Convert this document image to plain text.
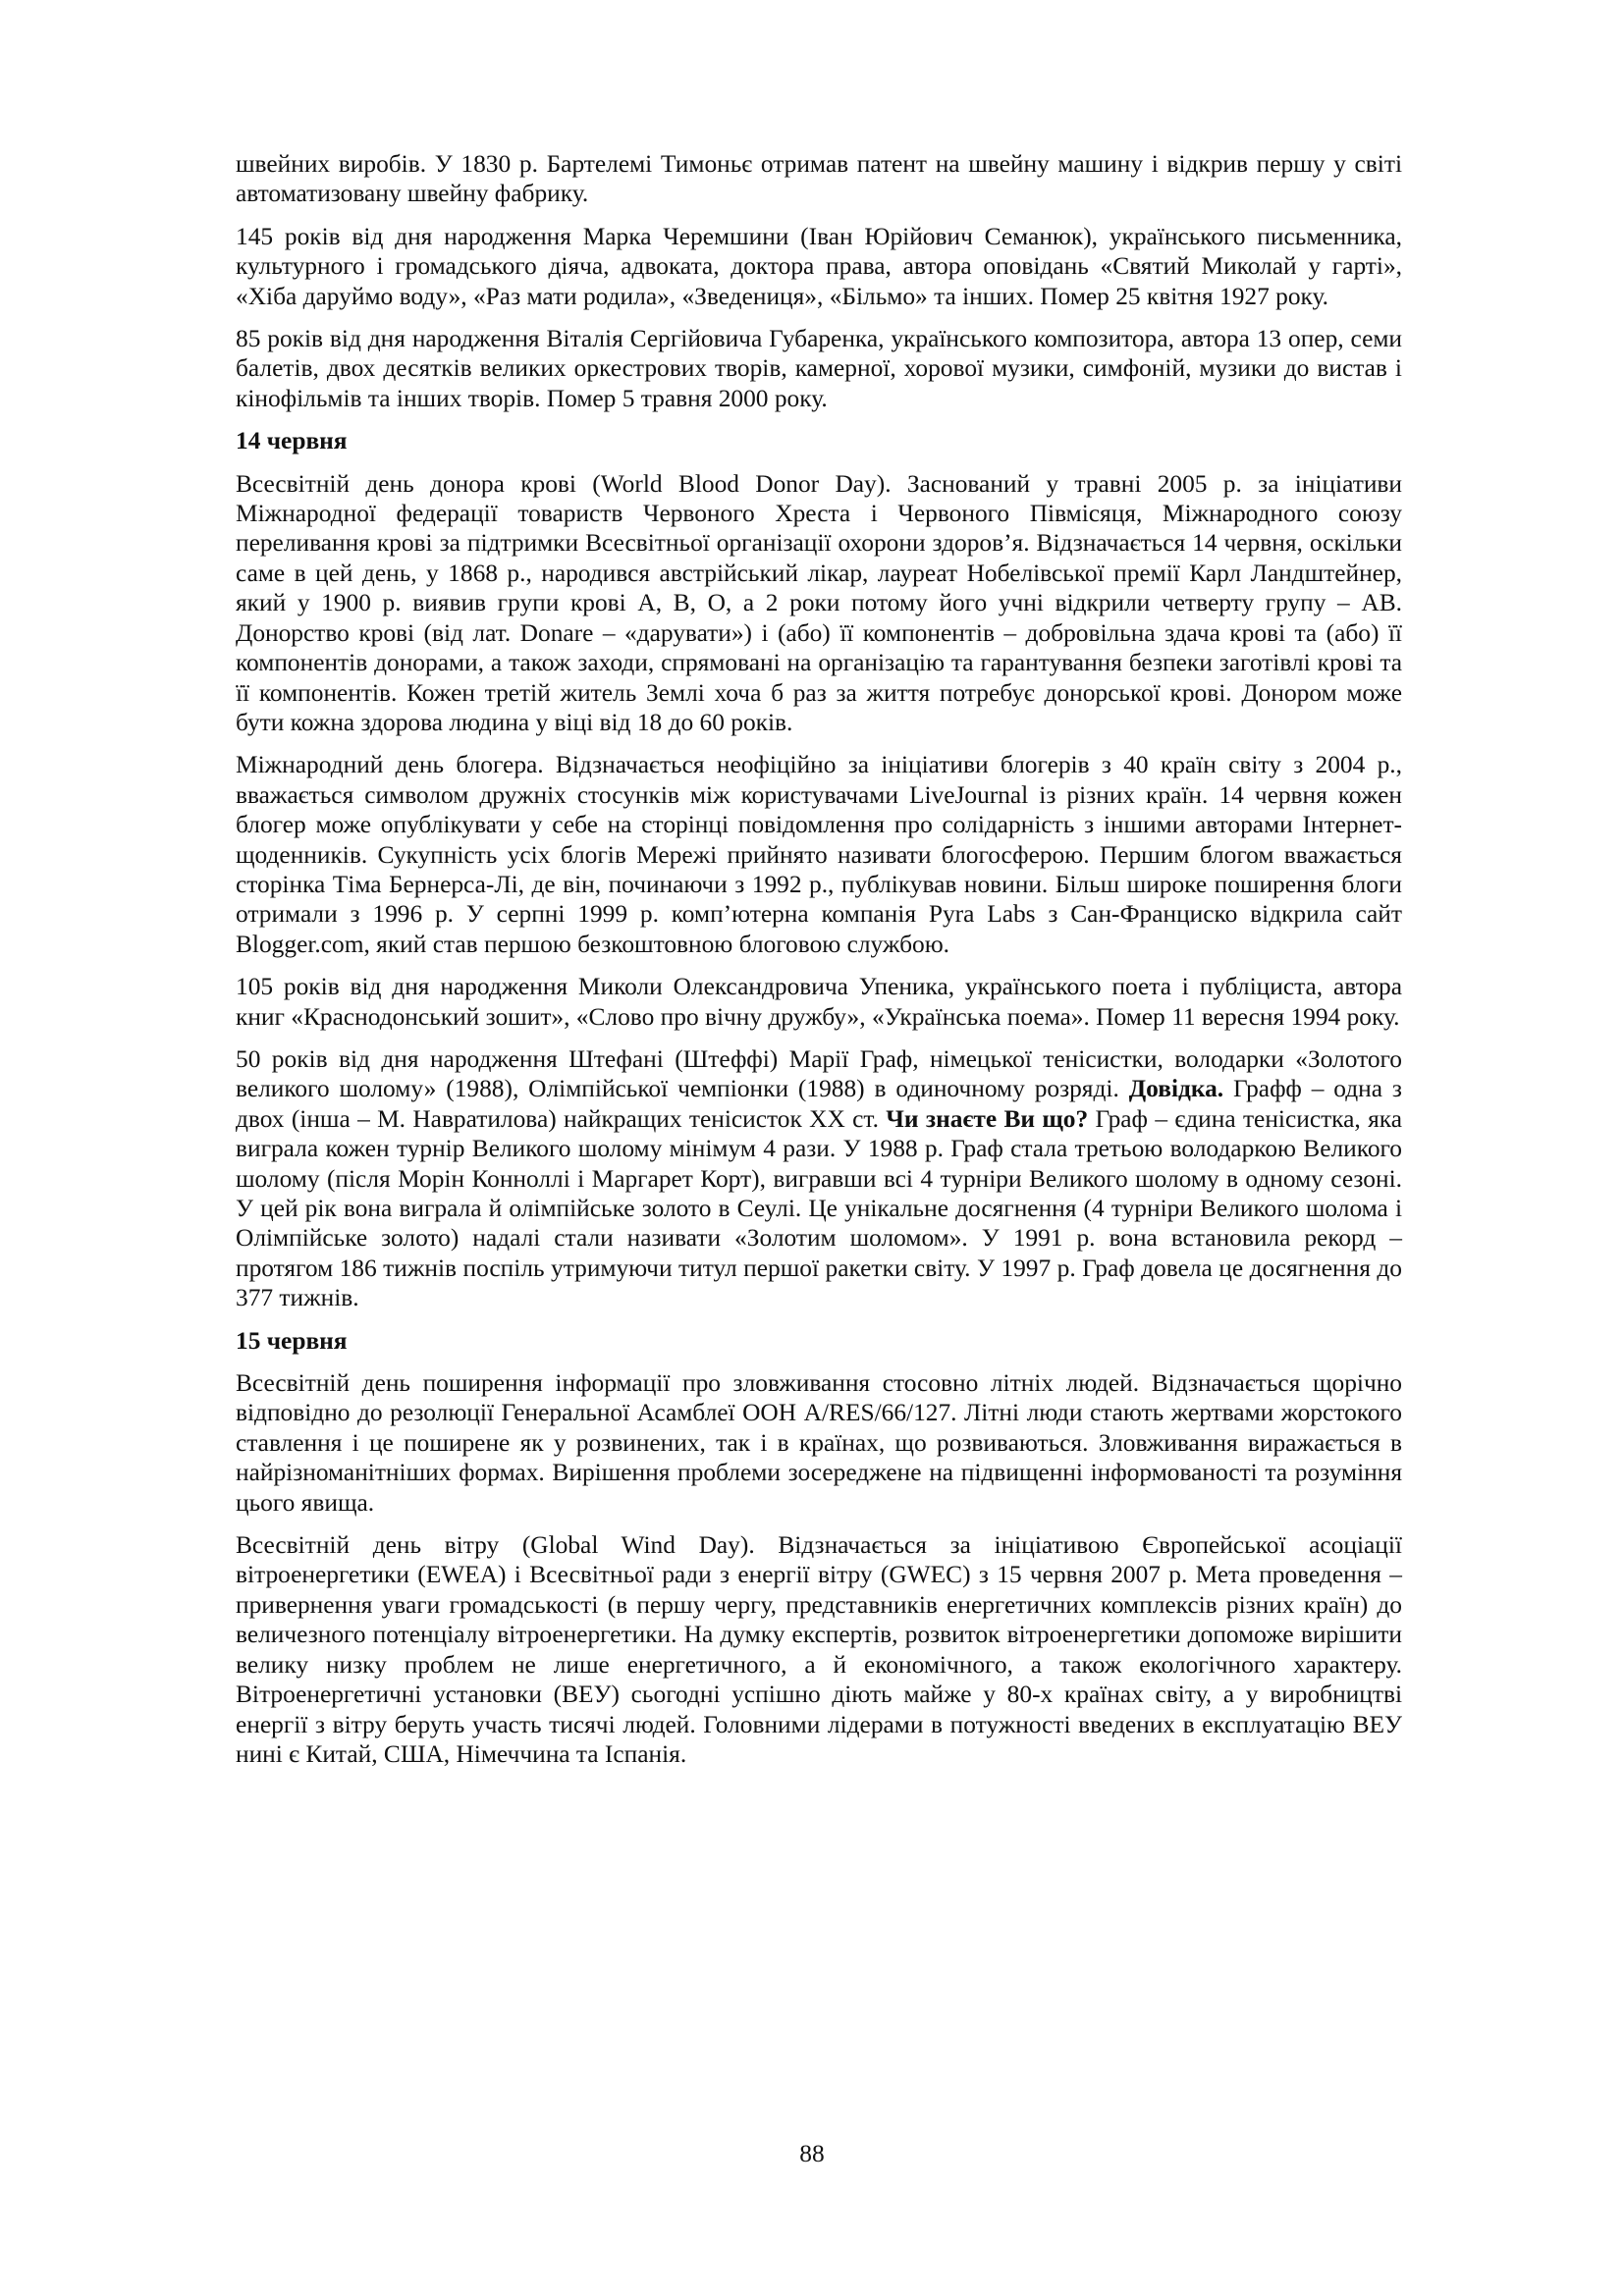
швейних виробів. У 1830 р. Бартелемі Тимоньє отримав патент на швейну машину і відкрив першу у світі автоматизовану швейну фабрику.

145 років від дня народження Марка Черемшини (Іван Юрійович Семанюк), українського письменника, культурного і громадського діяча, адвоката, доктора права, автора оповідань «Святий Миколай у гарті», «Хіба даруймо воду», «Раз мати родила», «Зведениця», «Більмо» та інших. Помер 25 квітня 1927 року.

85 років від дня народження Віталія Сергійовича Губаренка, українського композитора, автора 13 опер, семи балетів, двох десятків великих оркестрових творів, камерної, хорової музики, симфоній, музики до вистав і кінофільмів та інших творів. Помер 5 травня 2000 року.

14 червня

Всесвітній день донора крові (World Blood Donor Day). Заснований у травні 2005 р. за ініціативи Міжнародної федерації товариств Червоного Хреста і Червоного Півмісяця, Міжнародного союзу переливання крові за підтримки Всесвітньої організації охорони здоров’я. Відзначається 14 червня, оскільки саме в цей день, у 1868 р., народився австрійський лікар, лауреат Нобелівської премії Карл Ландштейнер, який у 1900 р. виявив групи крові А, В, О, а 2 роки потому його учні відкрили четверту групу – АВ. Донорство крові (від лат. Donare – «дарувати») і (або) її компонентів – добровільна здача крові та (або) її компонентів донорами, а також заходи, спрямовані на організацію та гарантування безпеки заготівлі крові та її компонентів. Кожен третій житель Землі хоча б раз за життя потребує донорської крові. Донором може бути кожна здорова людина у віці від 18 до 60 років.

Міжнародний день блогера. Відзначається неофіційно за ініціативи блогерів з 40 країн світу з 2004 р., вважається символом дружніх стосунків між користувачами LiveJournal із різних країн. 14 червня кожен блогер може опублікувати у себе на сторінці повідомлення про солідарність з іншими авторами Інтернет-щоденників. Сукупність усіх блогів Мережі прийнято називати блогосферою. Першим блогом вважається сторінка Тіма Бернерса-Лі, де він, починаючи з 1992 р., публікував новини. Більш широке поширення блоги отримали з 1996 р. У серпні 1999 р. комп’ютерна компанія Pyra Labs з Сан-Франциско відкрила сайт Blogger.com, який став першою безкоштовною блоговою службою.

105 років від дня народження Миколи Олександровича Упеника, українського поета і публіциста, автора книг «Краснодонський зошит», «Слово про вічну дружбу», «Українська поема». Помер 11 вересня 1994 року.

50 років від дня народження Штефані (Штеффі) Марії Граф, німецької тенісистки, володарки «Золотого великого шолому» (1988), Олімпійської чемпіонки (1988) в одиночному розряді. Довідка. Графф – одна з двох (інша – М. Навратилова) найкращих тенісисток XX ст. Чи знаєте Ви що? Граф – єдина тенісистка, яка виграла кожен турнір Великого шолому мінімум 4 рази. У 1988 р. Граф стала третьою володаркою Великого шолому (після Морін Конноллі і Маргарет Корт), вигравши всі 4 турніри Великого шолому в одному сезоні. У цей рік вона виграла й олімпійське золото в Сеулі. Це унікальне досягнення (4 турніри Великого шолома і Олімпійське золото) надалі стали називати «Золотим шоломом». У 1991 р. вона встановила рекорд – протягом 186 тижнів поспіль утримуючи титул першої ракетки світу. У 1997 р. Граф довела це досягнення до 377 тижнів.

15 червня

Всесвітній день поширення інформації про зловживання стосовно літніх людей. Відзначається щорічно відповідно до резолюції Генеральної Асамблеї ООН A/RES/66/127. Літні люди стають жертвами жорстокого ставлення і це поширене як у розвинених, так і в країнах, що розвиваються. Зловживання виражається в найрізноманітніших формах. Вирішення проблеми зосереджене на підвищенні інформованості та розуміння цього явища.

Всесвітній день вітру (Global Wind Day). Відзначається за ініціативою Європейської асоціації вітроенергетики (EWEA) і Всесвітньої ради з енергії вітру (GWEC) з 15 червня 2007 р. Мета проведення – привернення уваги громадськості (в першу чергу, представників енергетичних комплексів різних країн) до величезного потенціалу вітроенергетики. На думку експертів, розвиток вітроенергетики допоможе вирішити велику низку проблем не лише енергетичного, а й економічного, а також екологічного характеру. Вітроенергетичні установки (ВЕУ) сьогодні успішно діють майже у 80-х країнах світу, а у виробництві енергії з вітру беруть участь тисячі людей. Головними лідерами в потужності введених в експлуатацію ВЕУ нині є Китай, США, Німеччина та Іспанія.

88
